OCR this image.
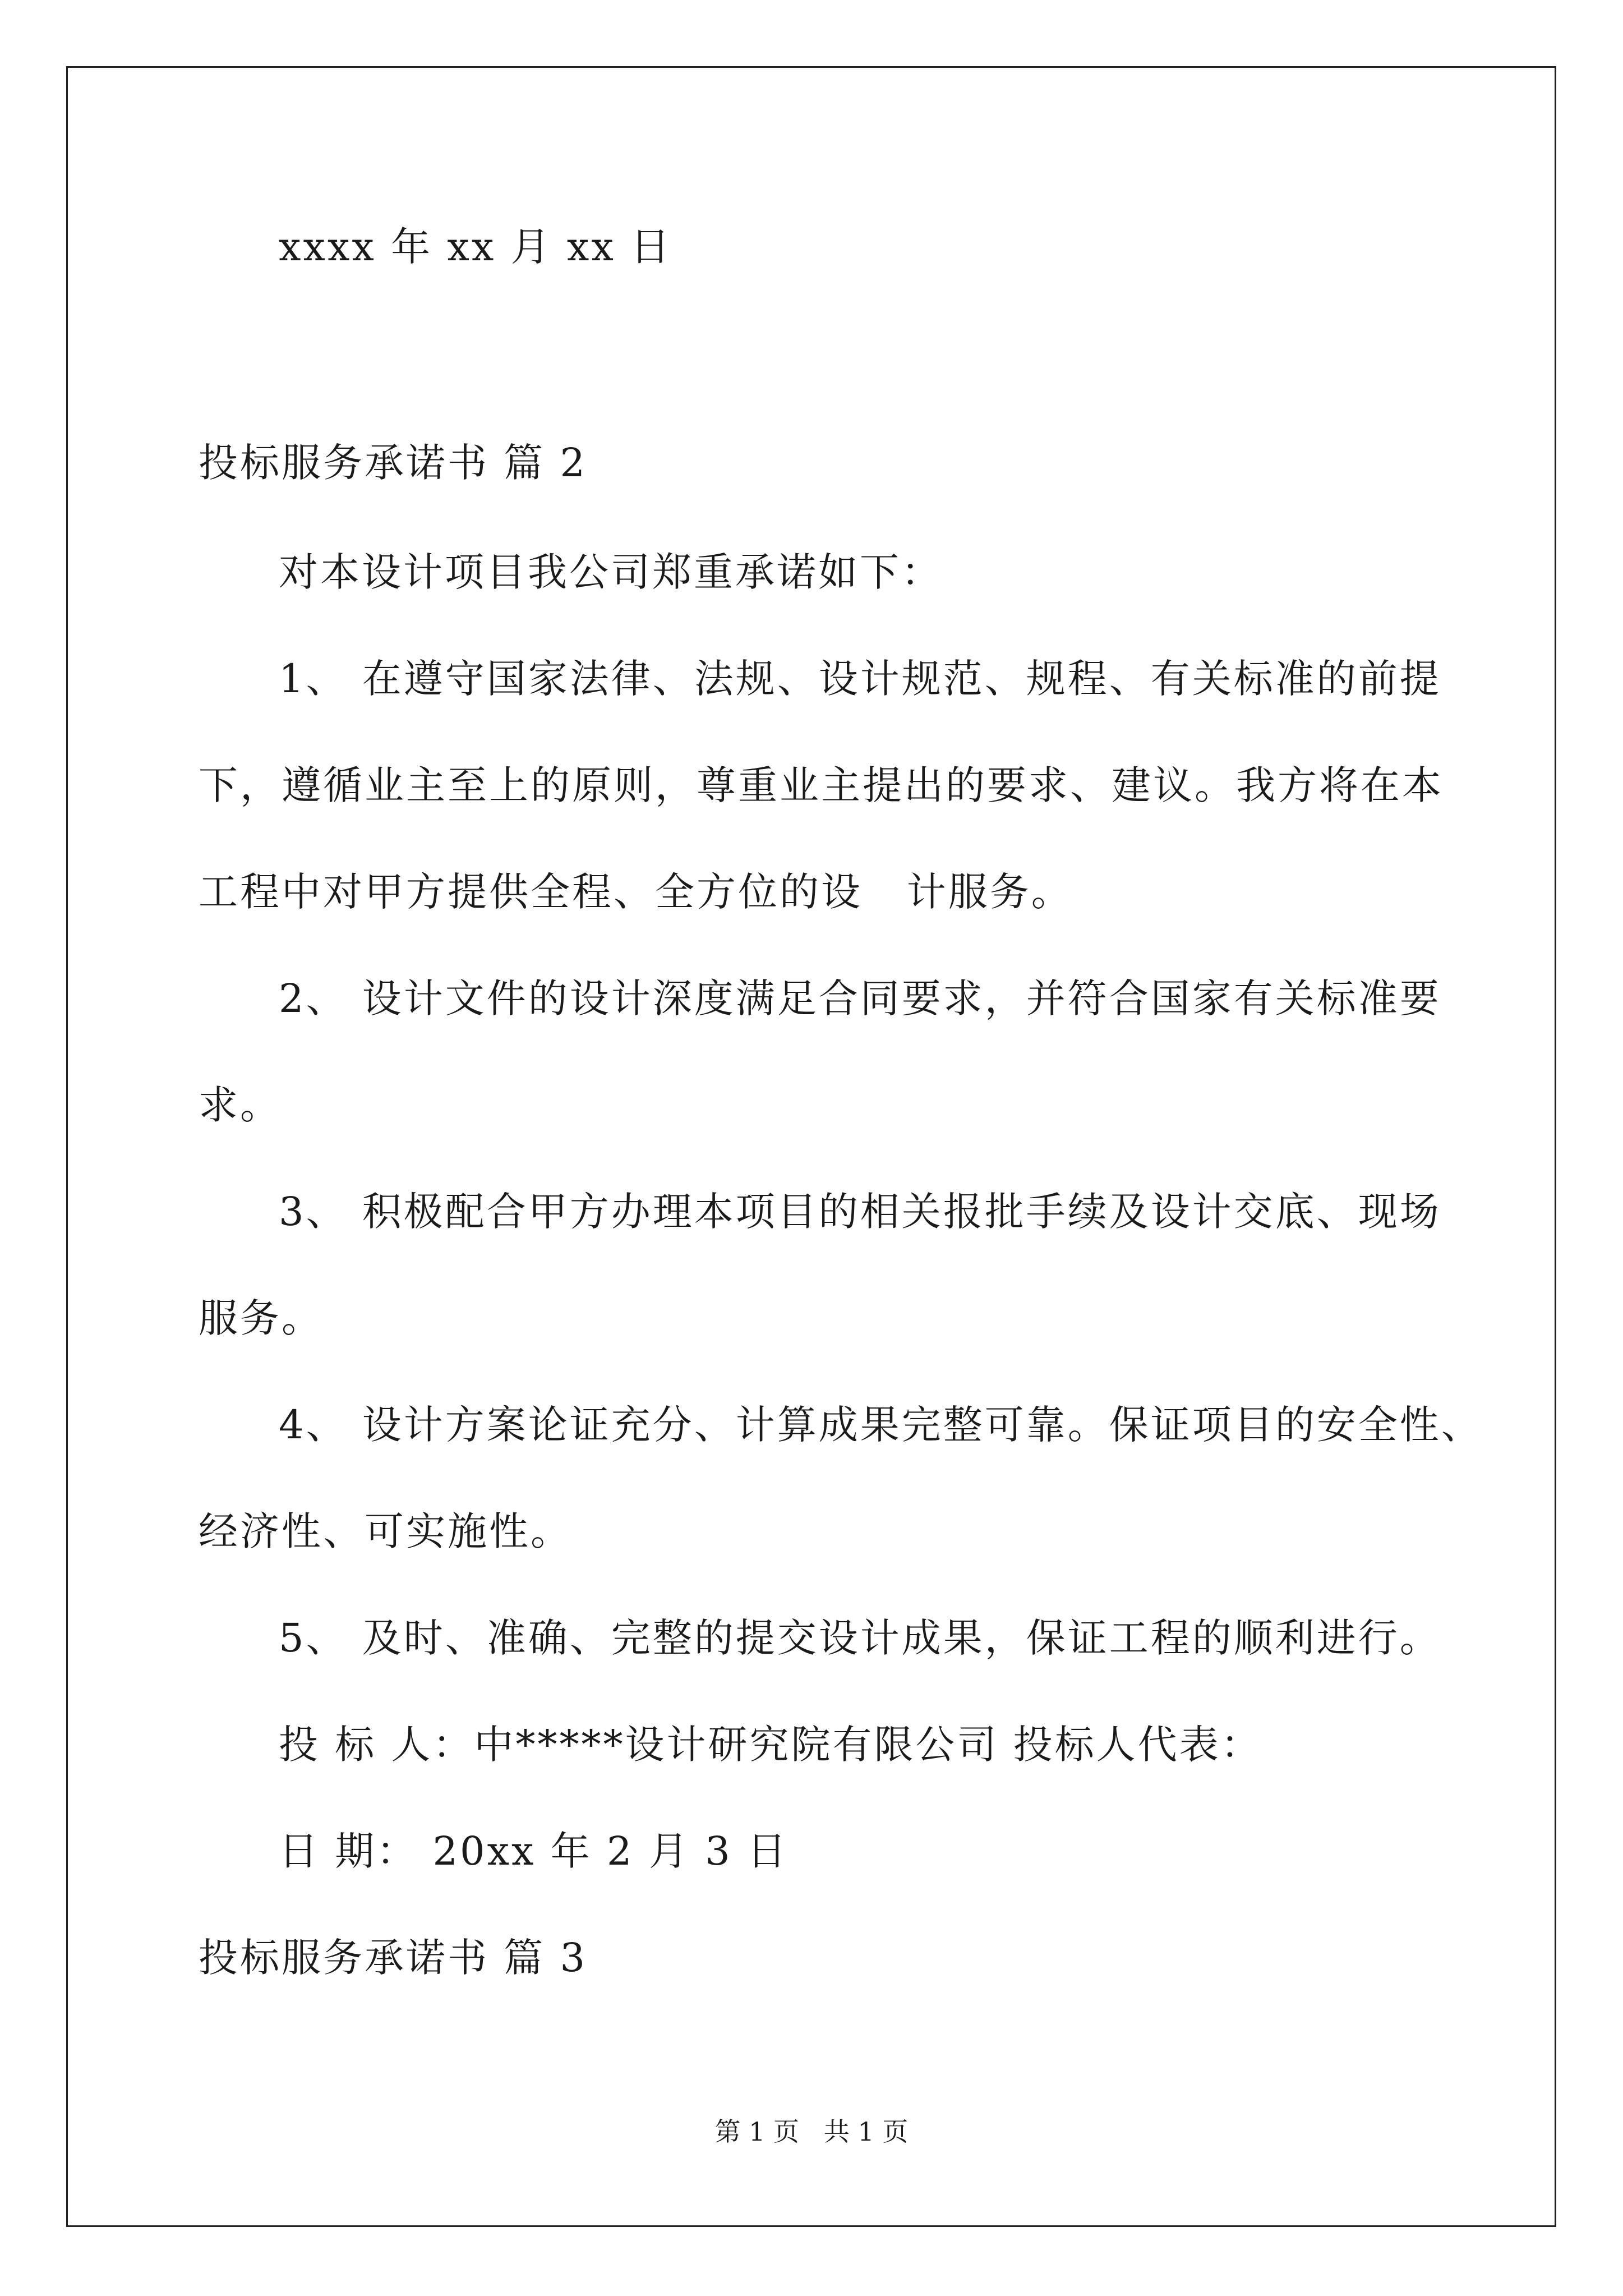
xxxx 年 xx 月 xx 日
投标服务承诺书 篇 2
对本设计项目我公司郑重承诺如下：
1、 在遵守国家法律、法规、设计规范、规程、有关标准的前提
下，遵循业主至上的原则，尊重业主提出的要求、建议。我方将在本
工程中对甲方提供全程、全方位的设   计服务。
2、 设计文件的设计深度满足合同要求，并符合国家有关标准要
求。
3、 积极配合甲方办理本项目的相关报批手续及设计交底、现场
服务。
4、 设计方案论证充分、计算成果完整可靠。保证项目的安全性、
经济性、可实施性。
5、 及时、准确、完整的提交设计成果，保证工程的顺利进行。
投 标 人：中*****设计研究院有限公司 投标人代表：
日 期： 20xx 年 2 月 3 日
投标服务承诺书 篇 3
第 1 页   共 1 页
